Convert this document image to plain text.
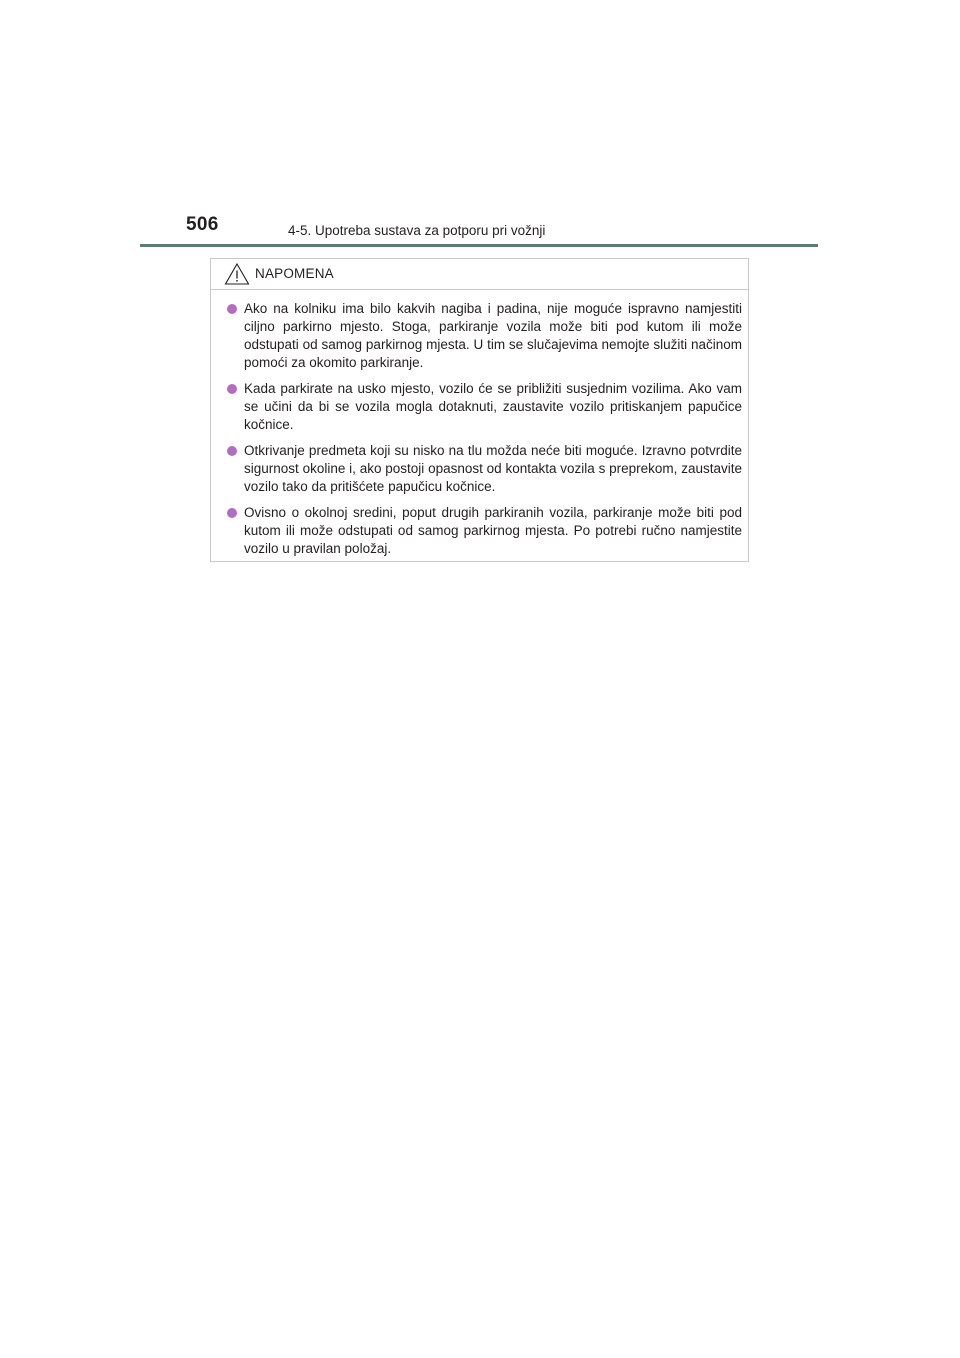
506	4-5. Upotreba sustava za potporu pri vožnji
NAPOMENA
Ako na kolniku ima bilo kakvih nagiba i padina, nije moguće ispravno namjestiti ciljno parkirno mjesto. Stoga, parkiranje vozila može biti pod kutom ili može odstupati od samog parkirnog mjesta. U tim se slučajevima nemojte služiti načinom pomoći za okomito parkiranje.
Kada parkirate na usko mjesto, vozilo će se približiti susjednim vozilima. Ako vam se učini da bi se vozila mogla dotaknuti, zaustavite vozilo pritiskanjem papučice kočnice.
Otkrivanje predmeta koji su nisko na tlu možda neće biti moguće. Izravno potvrdite sigurnost okoline i, ako postoji opasnost od kontakta vozila s preprekom, zaustavite vozilo tako da pritišćete papučicu kočnice.
Ovisno o okolnoj sredini, poput drugih parkiranih vozila, parkiranje može biti pod kutom ili može odstupati od samog parkirnog mjesta. Po potrebi ručno namjestite vozilo u pravilan položaj.
